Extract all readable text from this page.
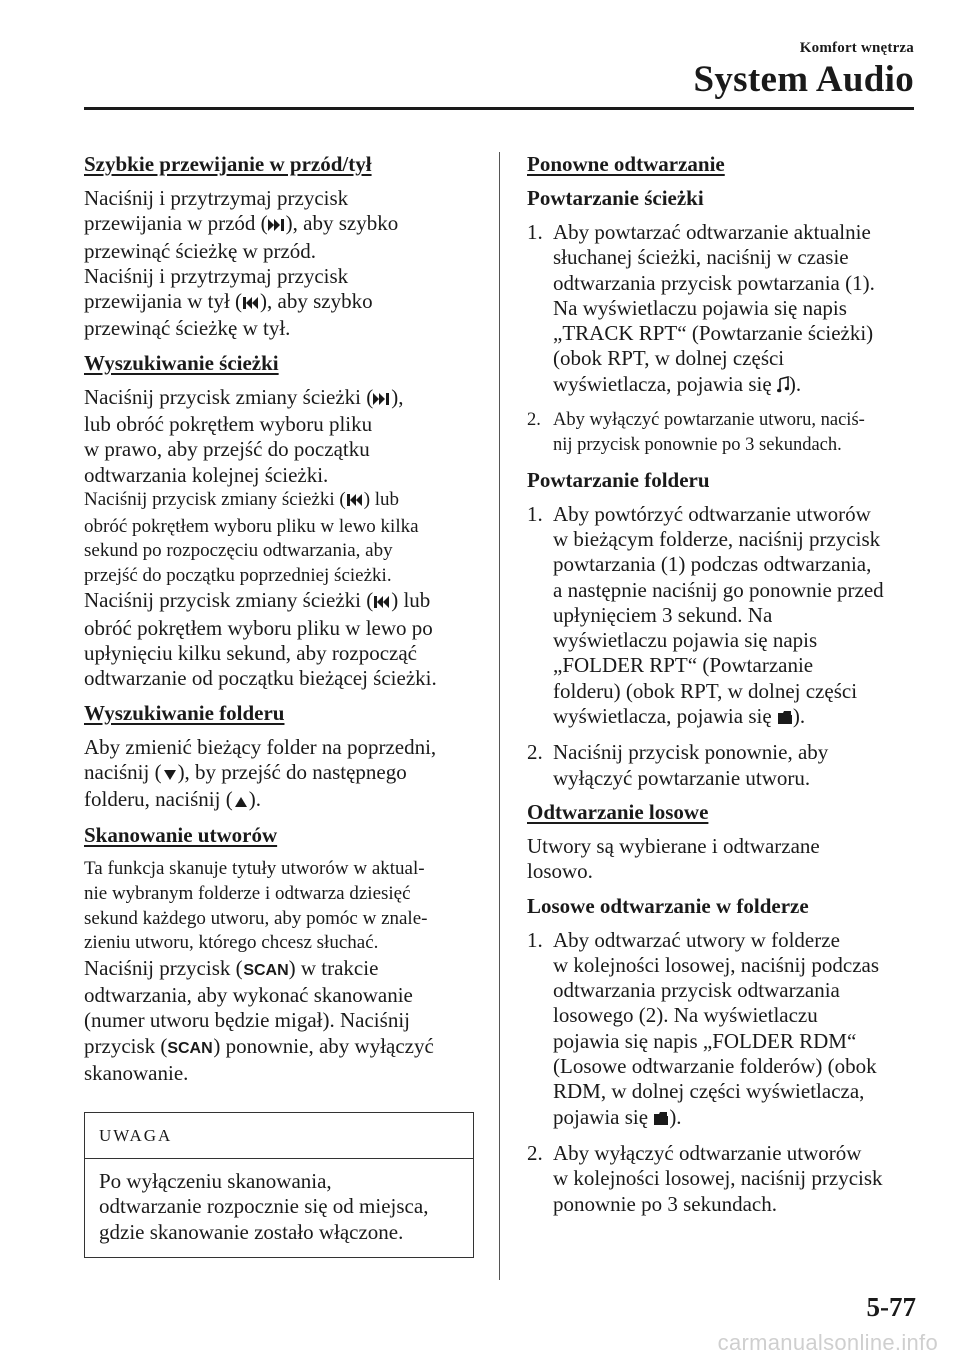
Komfort wnętrza
System Audio
Szybkie przewijanie w przód/tył

Naciśnij i przytrzymaj przycisk
przewijania w przód ( ), aby szybko
przewinąć ścieżkę w przód.
Naciśnij i przytrzymaj przycisk
przewijania w tył ( ), aby szybko
przewinąć ścieżkę w tył.

Wyszukiwanie ścieżki

Naciśnij przycisk zmiany ścieżki ( ),
lub obróć pokrętłem wyboru pliku
w prawo, aby przejść do początku
odtwarzania kolejnej ścieżki.

Naciśnij przycisk zmiany ścieżki ( ) lub
obróć pokrętłem wyboru pliku w lewo kilka
sekund po rozpoczęciu odtwarzania, aby
przejść do początku poprzedniej ścieżki.

Naciśnij przycisk zmiany ścieżki ( ) lub
obróć pokrętłem wyboru pliku w lewo po
upłynięciu kilku sekund, aby rozpocząć
odtwarzanie od początku bieżącej ścieżki.

Wyszukiwanie folderu

Aby zmienić bieżący folder na poprzedni,
naciśnij ( ), by przejść do następnego
folderu, naciśnij ( ).

Skanowanie utworów

Ta funkcja skanuje tytuły utworów w aktual-
nie wybranym folderze i odtwarza dziesięć
sekund każdego utworu, aby pomóc w znale-
zieniu utworu, którego chcesz słuchać.

Naciśnij przycisk ( SCAN ) w trakcie
odtwarzania, aby wykonać skanowanie
(numer utworu będzie migał). Naciśnij
przycisk ( SCAN ) ponownie, aby wyłączyć
skanowanie.

UWAGA
Po wyłączeniu skanowania,
odtwarzanie rozpocznie się od miejsca,
gdzie skanowanie zostało włączone.
Ponowne odtwarzanie
Powtarzanie ścieżki
1. Aby powtarzać odtwarzanie aktualnie
słuchanej ścieżki, naciśnij w czasie
odtwarzania przycisk powtarzania (1).
Na wyświetlaczu pojawia się napis
„TRACK RPT“ (Powtarzanie ścieżki)
(obok RPT, w dolnej części
wyświetlacza, pojawia się ).
2. Aby wyłączyć powtarzanie utworu, naciś-
nij przycisk ponownie po 3 sekundach.
Powtarzanie folderu
1. Aby powtórzyć odtwarzanie utworów
w bieżącym folderze, naciśnij przycisk
powtarzania (1) podczas odtwarzania,
a następnie naciśnij go ponownie przed
upłynięciem 3 sekund. Na
wyświetlaczu pojawia się napis
„FOLDER RPT“ (Powtarzanie
folderu) (obok RPT, w dolnej części
wyświetlacza, pojawia się ).
2. Naciśnij przycisk ponownie, aby
wyłączyć powtarzanie utworu.
Odtwarzanie losowe

Utwory są wybierane i odtwarzane
losowo.

Losowe odtwarzanie w folderze
1. Aby odtwarzać utwory w folderze
w kolejności losowej, naciśnij podczas
odtwarzania przycisk odtwarzania
losowego (2). Na wyświetlaczu
pojawia się napis „FOLDER RDM“
(Losowe odtwarzanie folderów) (obok
RDM, w dolnej części wyświetlacza,
pojawia się ).
2. Aby wyłączyć odtwarzanie utworów
w kolejności losowej, naciśnij przycisk
ponownie po 3 sekundach.
5-77
carmanualsonline.info
